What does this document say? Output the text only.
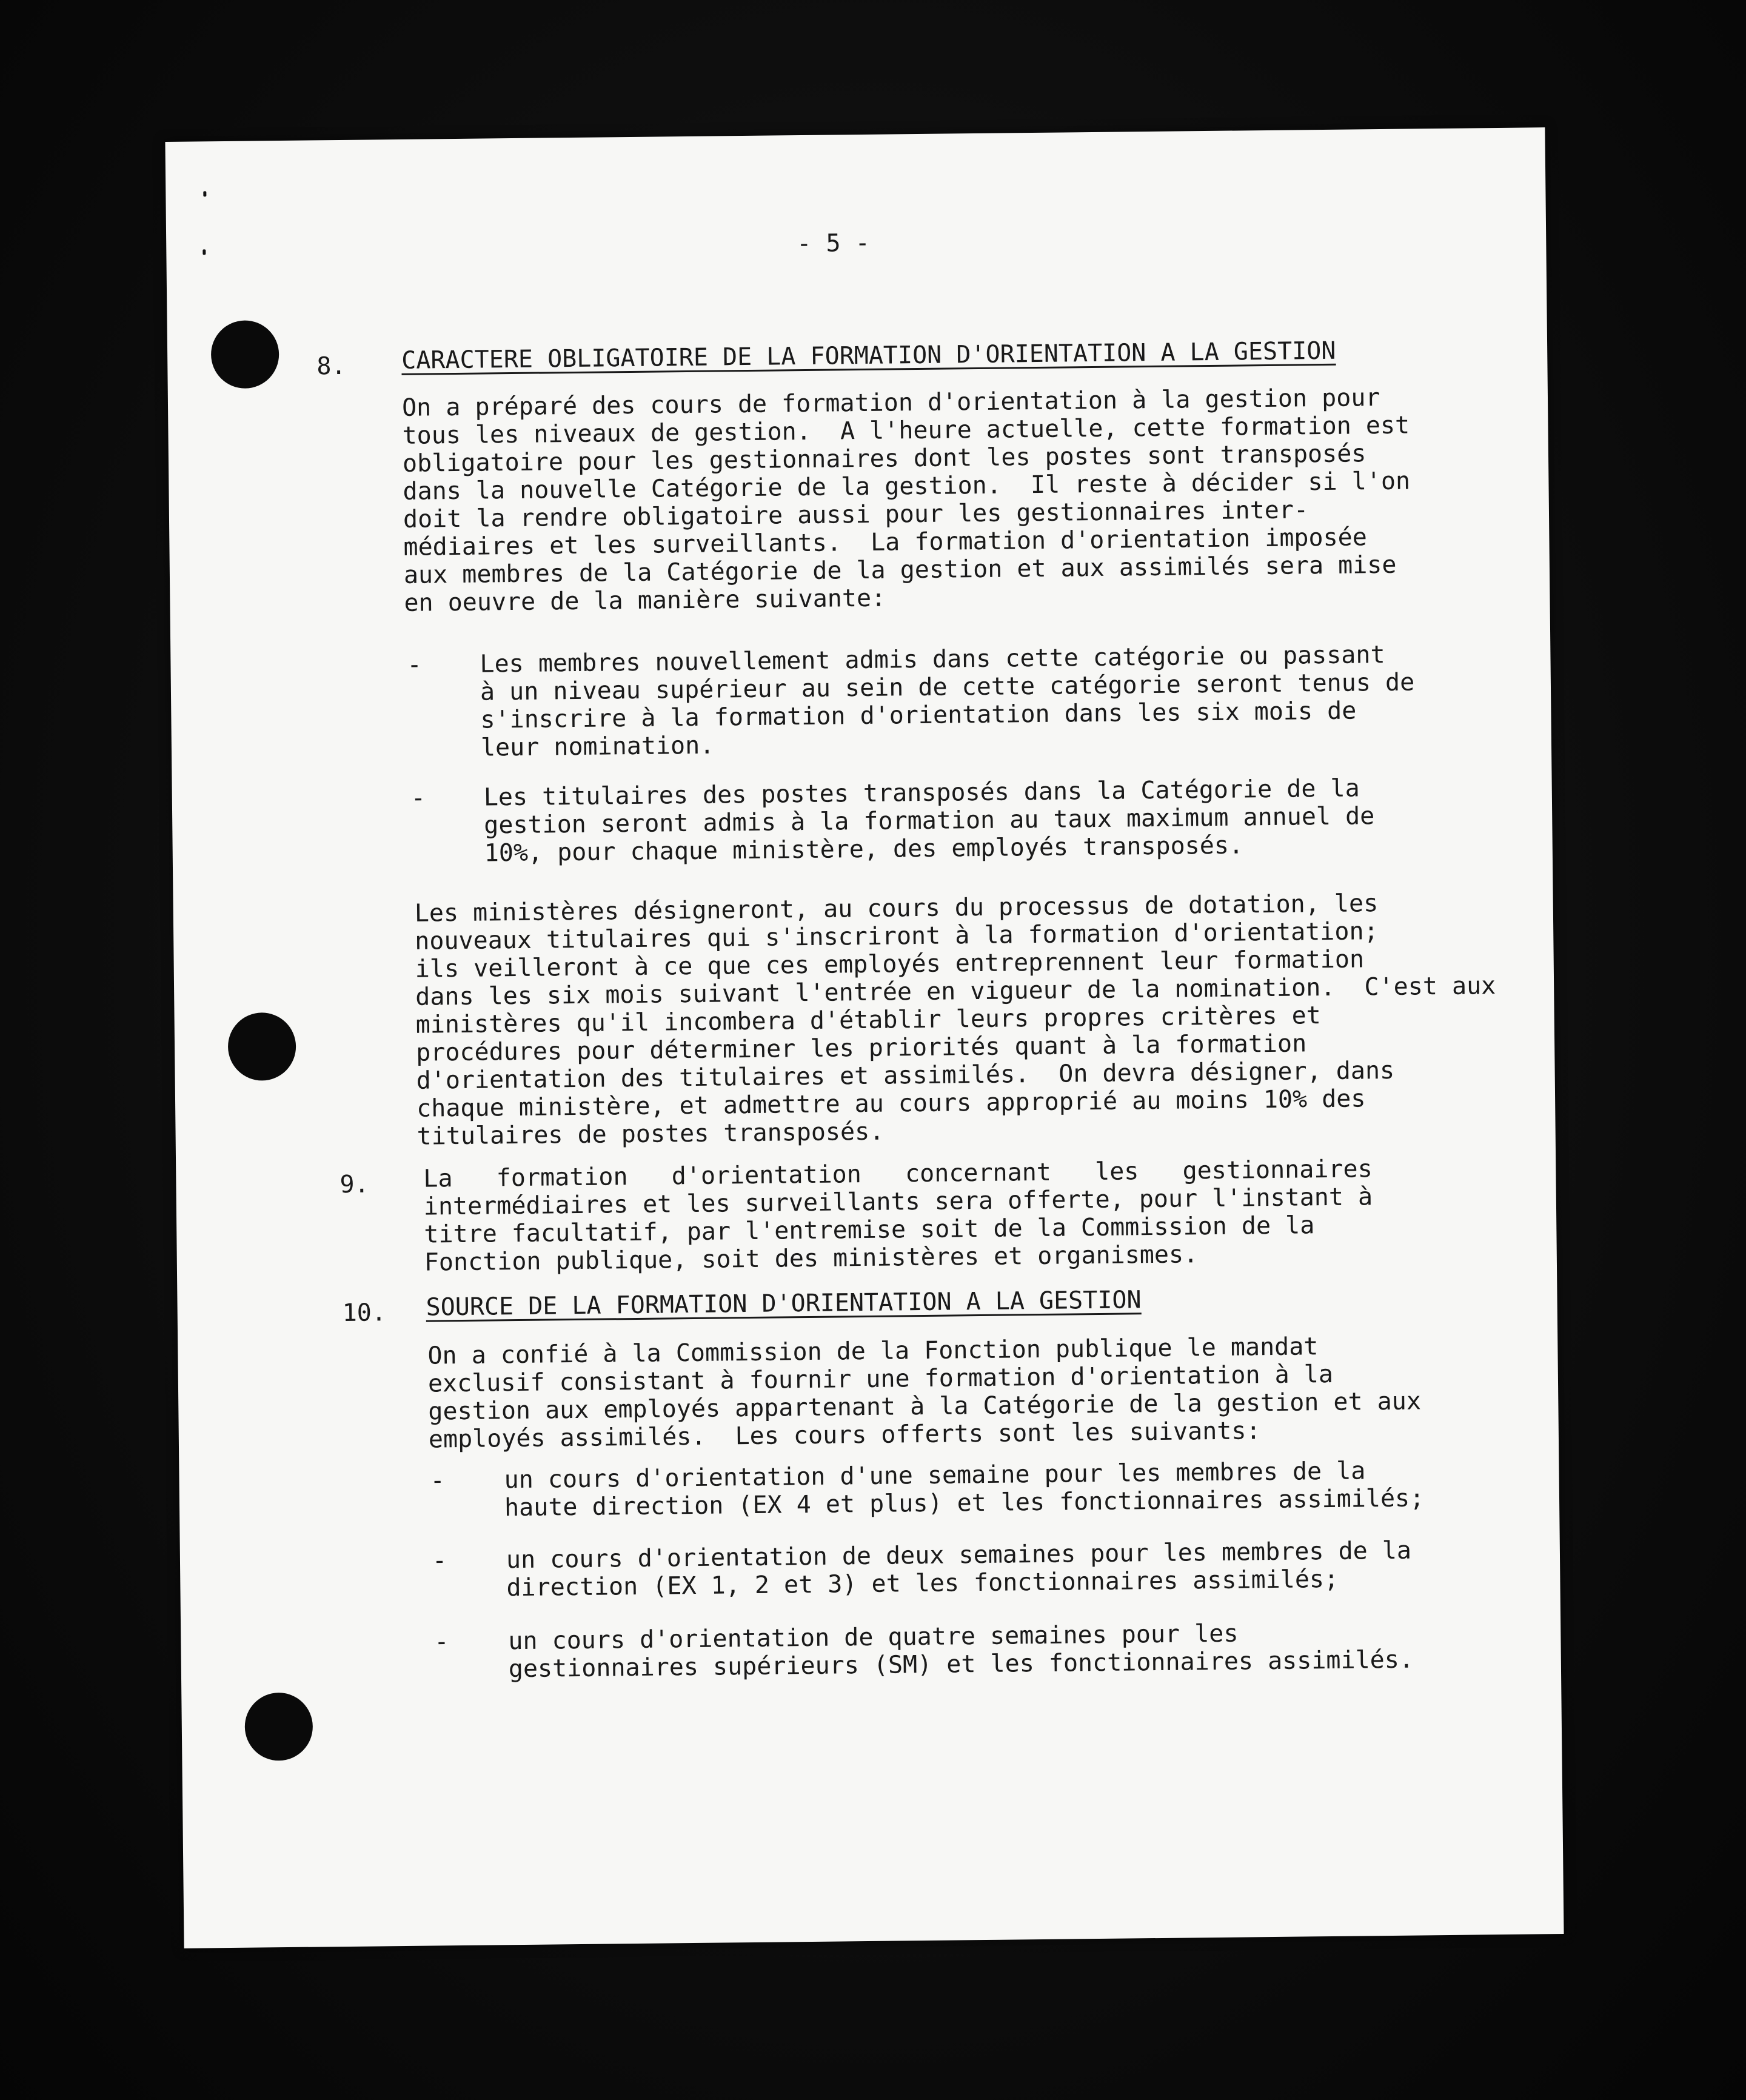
- 5 -
8. CARACTERE OBLIGATOIRE DE LA FORMATION D'ORIENTATION A LA GESTION
On a préparé des cours de formation d'orientation à la gestion pour
tous les niveaux de gestion.  A l'heure actuelle, cette formation est
obligatoire pour les gestionnaires dont les postes sont transposés
dans la nouvelle Catégorie de la gestion.  Il reste à décider si l'on
doit la rendre obligatoire aussi pour les gestionnaires inter-
médiaires et les surveillants.  La formation d'orientation imposée
aux membres de la Catégorie de la gestion et aux assimilés sera mise
en oeuvre de la manière suivante:
- Les membres nouvellement admis dans cette catégorie ou passant
à un niveau supérieur au sein de cette catégorie seront tenus de
s'inscrire à la formation d'orientation dans les six mois de
leur nomination.
- Les titulaires des postes transposés dans la Catégorie de la
gestion seront admis à la formation au taux maximum annuel de
10%, pour chaque ministère, des employés transposés.
Les ministères désigneront, au cours du processus de dotation, les
nouveaux titulaires qui s'inscriront à la formation d'orientation;
ils veilleront à ce que ces employés entreprennent leur formation
dans les six mois suivant l'entrée en vigueur de la nomination.  C'est aux
ministères qu'il incombera d'établir leurs propres critères et
procédures pour déterminer les priorités quant à la formation
d'orientation des titulaires et assimilés.  On devra désigner, dans
chaque ministère, et admettre au cours approprié au moins 10% des
titulaires de postes transposés.
9. La   formation   d'orientation   concernant   les   gestionnaires
intermédiaires et les surveillants sera offerte, pour l'instant à
titre facultatif, par l'entremise soit de la Commission de la
Fonction publique, soit des ministères et organismes.
10. SOURCE DE LA FORMATION D'ORIENTATION A LA GESTION
On a confié à la Commission de la Fonction publique le mandat
exclusif consistant à fournir une formation d'orientation à la
gestion aux employés appartenant à la Catégorie de la gestion et aux
employés assimilés.  Les cours offerts sont les suivants:
- un cours d'orientation d'une semaine pour les membres de la
haute direction (EX 4 et plus) et les fonctionnaires assimilés;
- un cours d'orientation de deux semaines pour les membres de la
direction (EX 1, 2 et 3) et les fonctionnaires assimilés;
- un cours d'orientation de quatre semaines pour les
gestionnaires supérieurs (SM) et les fonctionnaires assimilés.
